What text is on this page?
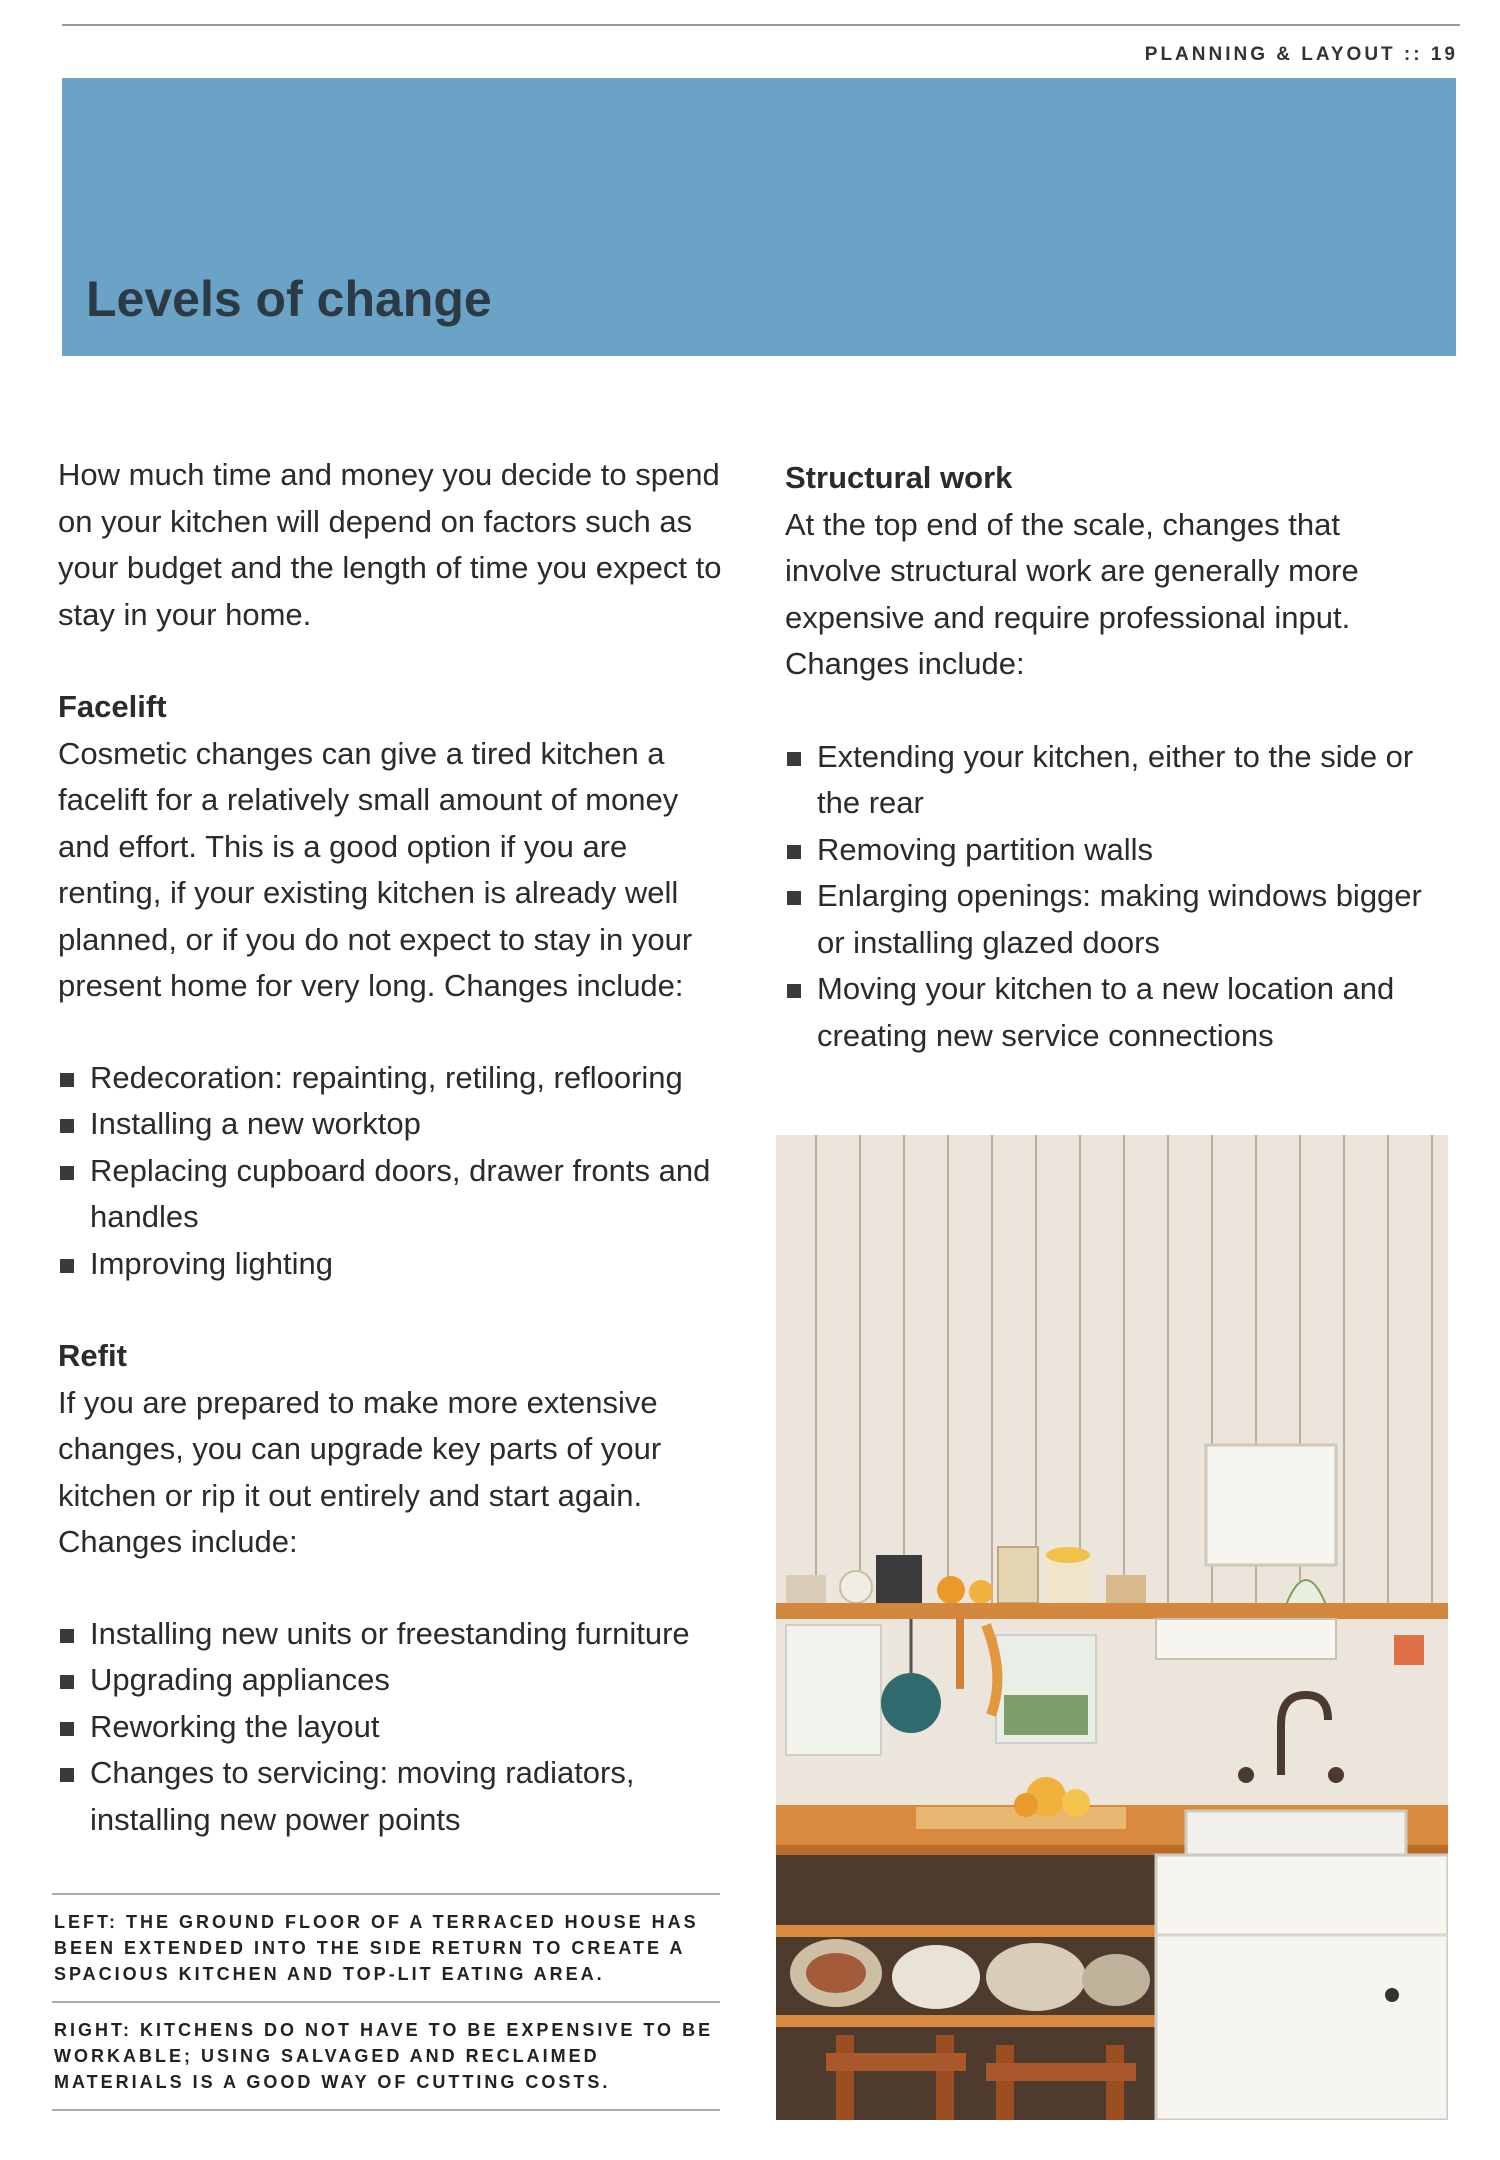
PLANNING & LAYOUT :: 19
Levels of change

How much time and money you decide to spend on your kitchen will depend on factors such as your budget and the length of time you expect to stay in your home.

Facelift

Cosmetic changes can give a tired kitchen a facelift for a relatively small amount of money and effort. This is a good option if you are renting, if your existing kitchen is already well planned, or if you do not expect to stay in your present home for very long. Changes include:

Redecoration: repainting, retiling, reflooring
Installing a new worktop
Replacing cupboard doors, drawer fronts and handles
Improving lighting
Refit

If you are prepared to make more extensive changes, you can upgrade key parts of your kitchen or rip it out entirely and start again. Changes include:

Installing new units or freestanding furniture
Upgrading appliances
Reworking the layout
Changes to servicing: moving radiators, installing new power points
Structural work

At the top end of the scale, changes that involve structural work are generally more expensive and require professional input. Changes include:

Extending your kitchen, either to the side or the rear
Removing partition walls
Enlarging openings: making windows bigger or installing glazed doors
Moving your kitchen to a new location and creating new service connections
LEFT: THE GROUND FLOOR OF A TERRACED HOUSE HAS BEEN EXTENDED INTO THE SIDE RETURN TO CREATE A SPACIOUS KITCHEN AND TOP-LIT EATING AREA.
RIGHT: KITCHENS DO NOT HAVE TO BE EXPENSIVE TO BE WORKABLE; USING SALVAGED AND RECLAIMED MATERIALS IS A GOOD WAY OF CUTTING COSTS.
